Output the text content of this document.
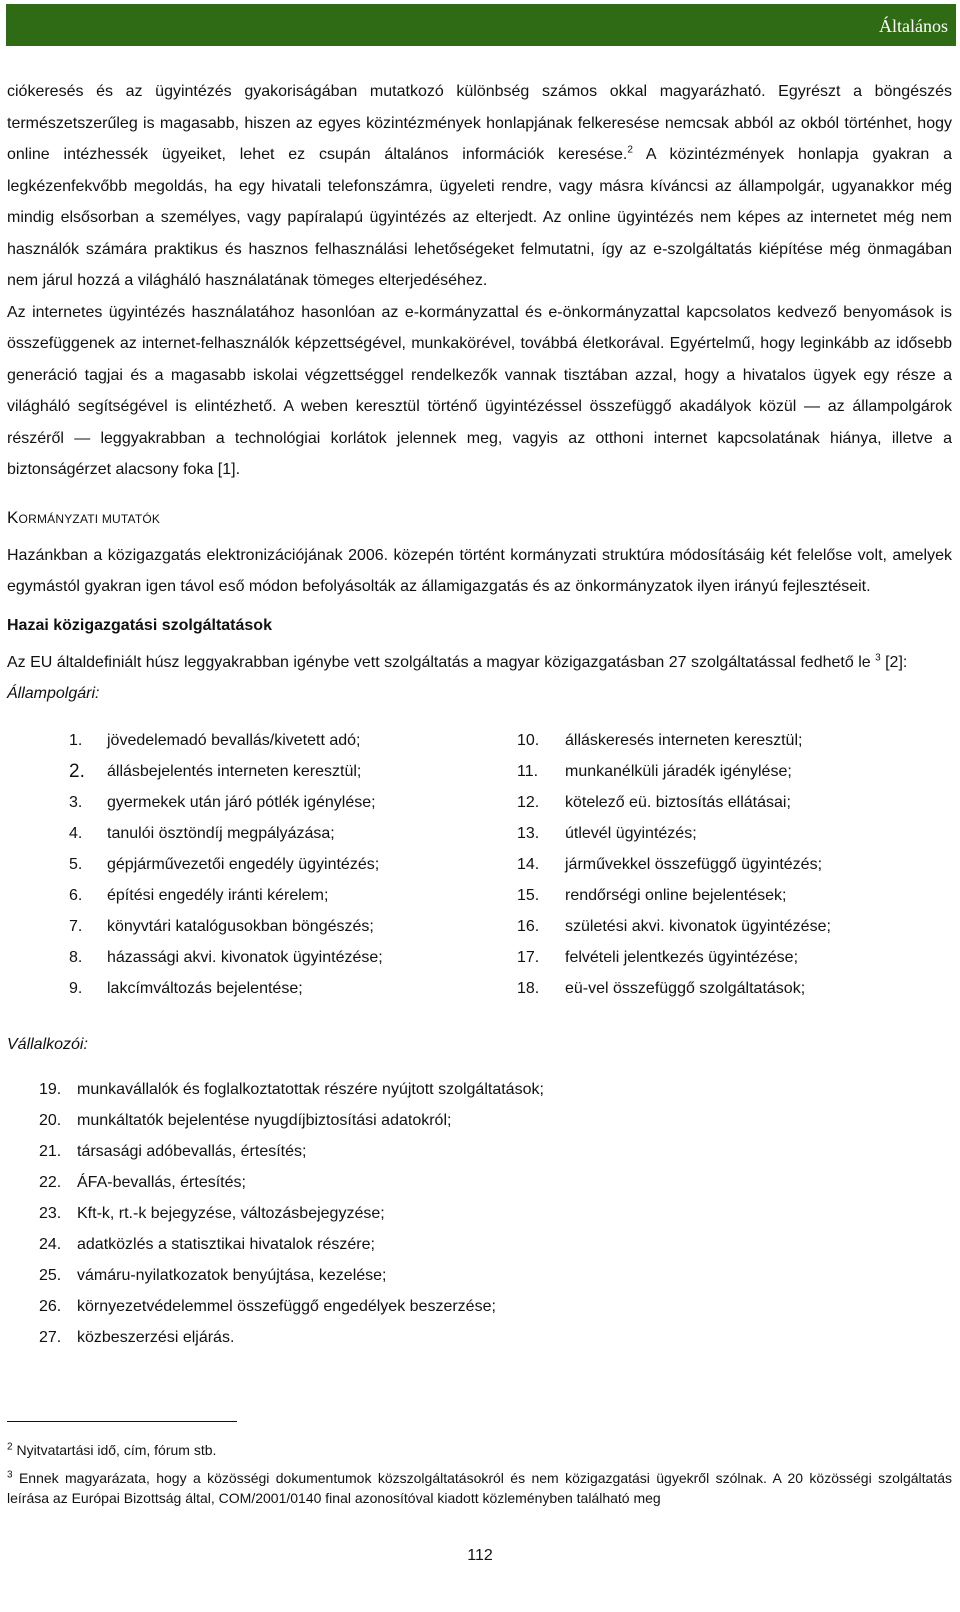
Általános

ciókeresés és az ügyintézés gyakoriságában mutatkozó különbség számos okkal magyarázható. Egyrészt a böngészés természetszerűleg is magasabb, hiszen az egyes közintézmények honlapjának felkeresése nemcsak abból az okból történhet, hogy online intézhessék ügyeiket, lehet ez csupán általános információk keresése.$^2$ A közintézmények honlapja gyakran a legkézenfekvőbb megoldás, ha egy hivatali telefonszámra, ügyeleti rendre, vagy másra kíváncsi az állampolgár, ugyanakkor még mindig elsősorban a személyes, vagy papíralapú ügyintézés az elterjedt. Az online ügyintézés nem képes az internetet még nem használók számára praktikus és hasznos felhasználási lehetőségeket felmutatni, így az e-szolgáltatás kiépítése még önmagában nem járul hozzá a világháló használatának tömeges elterjedéséhez.

Az internetes ügyintézés használatához hasonlóan az e-kormányzattal és e-önkormányzattal kapcsolatos kedvező benyomások is összefüggenek az internet-felhasználók képzettségével, munkakörével, továbbá életkorával. Egyértelmű, hogy leginkább az idősebb generáció tagjai és a magasabb iskolai végzettséggel rendelkezők vannak tisztában azzal, hogy a hivatalos ügyek egy része a világháló segítségével is elintézhető. A weben keresztül történő ügyintézéssel összefüggő akadályok közül — az állampolgárok részéről — leggyakrabban a technológiai korlátok jelennek meg, vagyis az otthoni internet kapcsolatának hiánya, illetve a biztonságérzet alacsony foka [1].

KORMÁNYZATI MUTATÓK

Hazánkban a közigazgatás elektronizációjának 2006. közepén történt kormányzati struktúra módosításáig két felelőse volt, amelyek egymástól gyakran igen távol eső módon befolyásolták az államigazgatás és az önkormányzatok ilyen irányú fejlesztéseit.

Hazai közigazgatási szolgáltatások

Az EU általdefiniált húsz leggyakrabban igénybe vett szolgáltatás a magyar közigazgatásban 27 szolgáltatással fedhető le $^3$ [2]:

Állampolgári:
1.	jövedelemadó bevallás/kivetett adó;
2.	állásbejelentés interneten keresztül;
3.	gyermekek után járó pótlék igénylése;
4.	tanulói ösztöndíj megpályázása;
5.	gépjárművezetői engedély ügyintézés;
6.	építési engedély iránti kérelem;
7.	könyvtári katalógusokban böngészés;
8.	házassági akvi. kivonatok ügyintézése;
9.	lakcímváltozás bejelentése;
10.	álláskeresés interneten keresztül;
11.	munkanélküli járadék igénylése;
12.	kötelező eü. biztosítás ellátásai;
13.	útlevél ügyintézés;
14.	járművekkel összefüggő ügyintézés;
15.	rendőrségi online bejelentések;
16.	születési akvi. kivonatok ügyintézése;
17.	felvételi jelentkezés ügyintézése;
18.	eü-vel összefüggő szolgáltatások;
Vállalkozói:
19. munkavállalók és foglalkoztatottak részére nyújtott szolgáltatások;
20. munkáltatók bejelentése nyugdíjbiztosítási adatokról;
21. társasági adóbevallás, értesítés;
22. ÁFA-bevallás, értesítés;
23. Kft-k, rt.-k bejegyzése, változásbejegyzése;
24. adatközlés a statisztikai hivatalok részére;
25. vámáru-nyilatkozatok benyújtása, kezelése;
26. környezetvédelemmel összefüggő engedélyek beszerzése;
27. közbeszerzési eljárás.

$^2$ Nyitvatartási idő, cím, fórum stb.

$^3$ Ennek magyarázata, hogy a közösségi dokumentumok közszolgáltatásokról és nem közigazgatási ügyekről szólnak. A 20 közösségi szolgáltatás leírása az Európai Bizottság által, COM/2001/0140 final azonosítóval kiadott közleményben található meg

112
